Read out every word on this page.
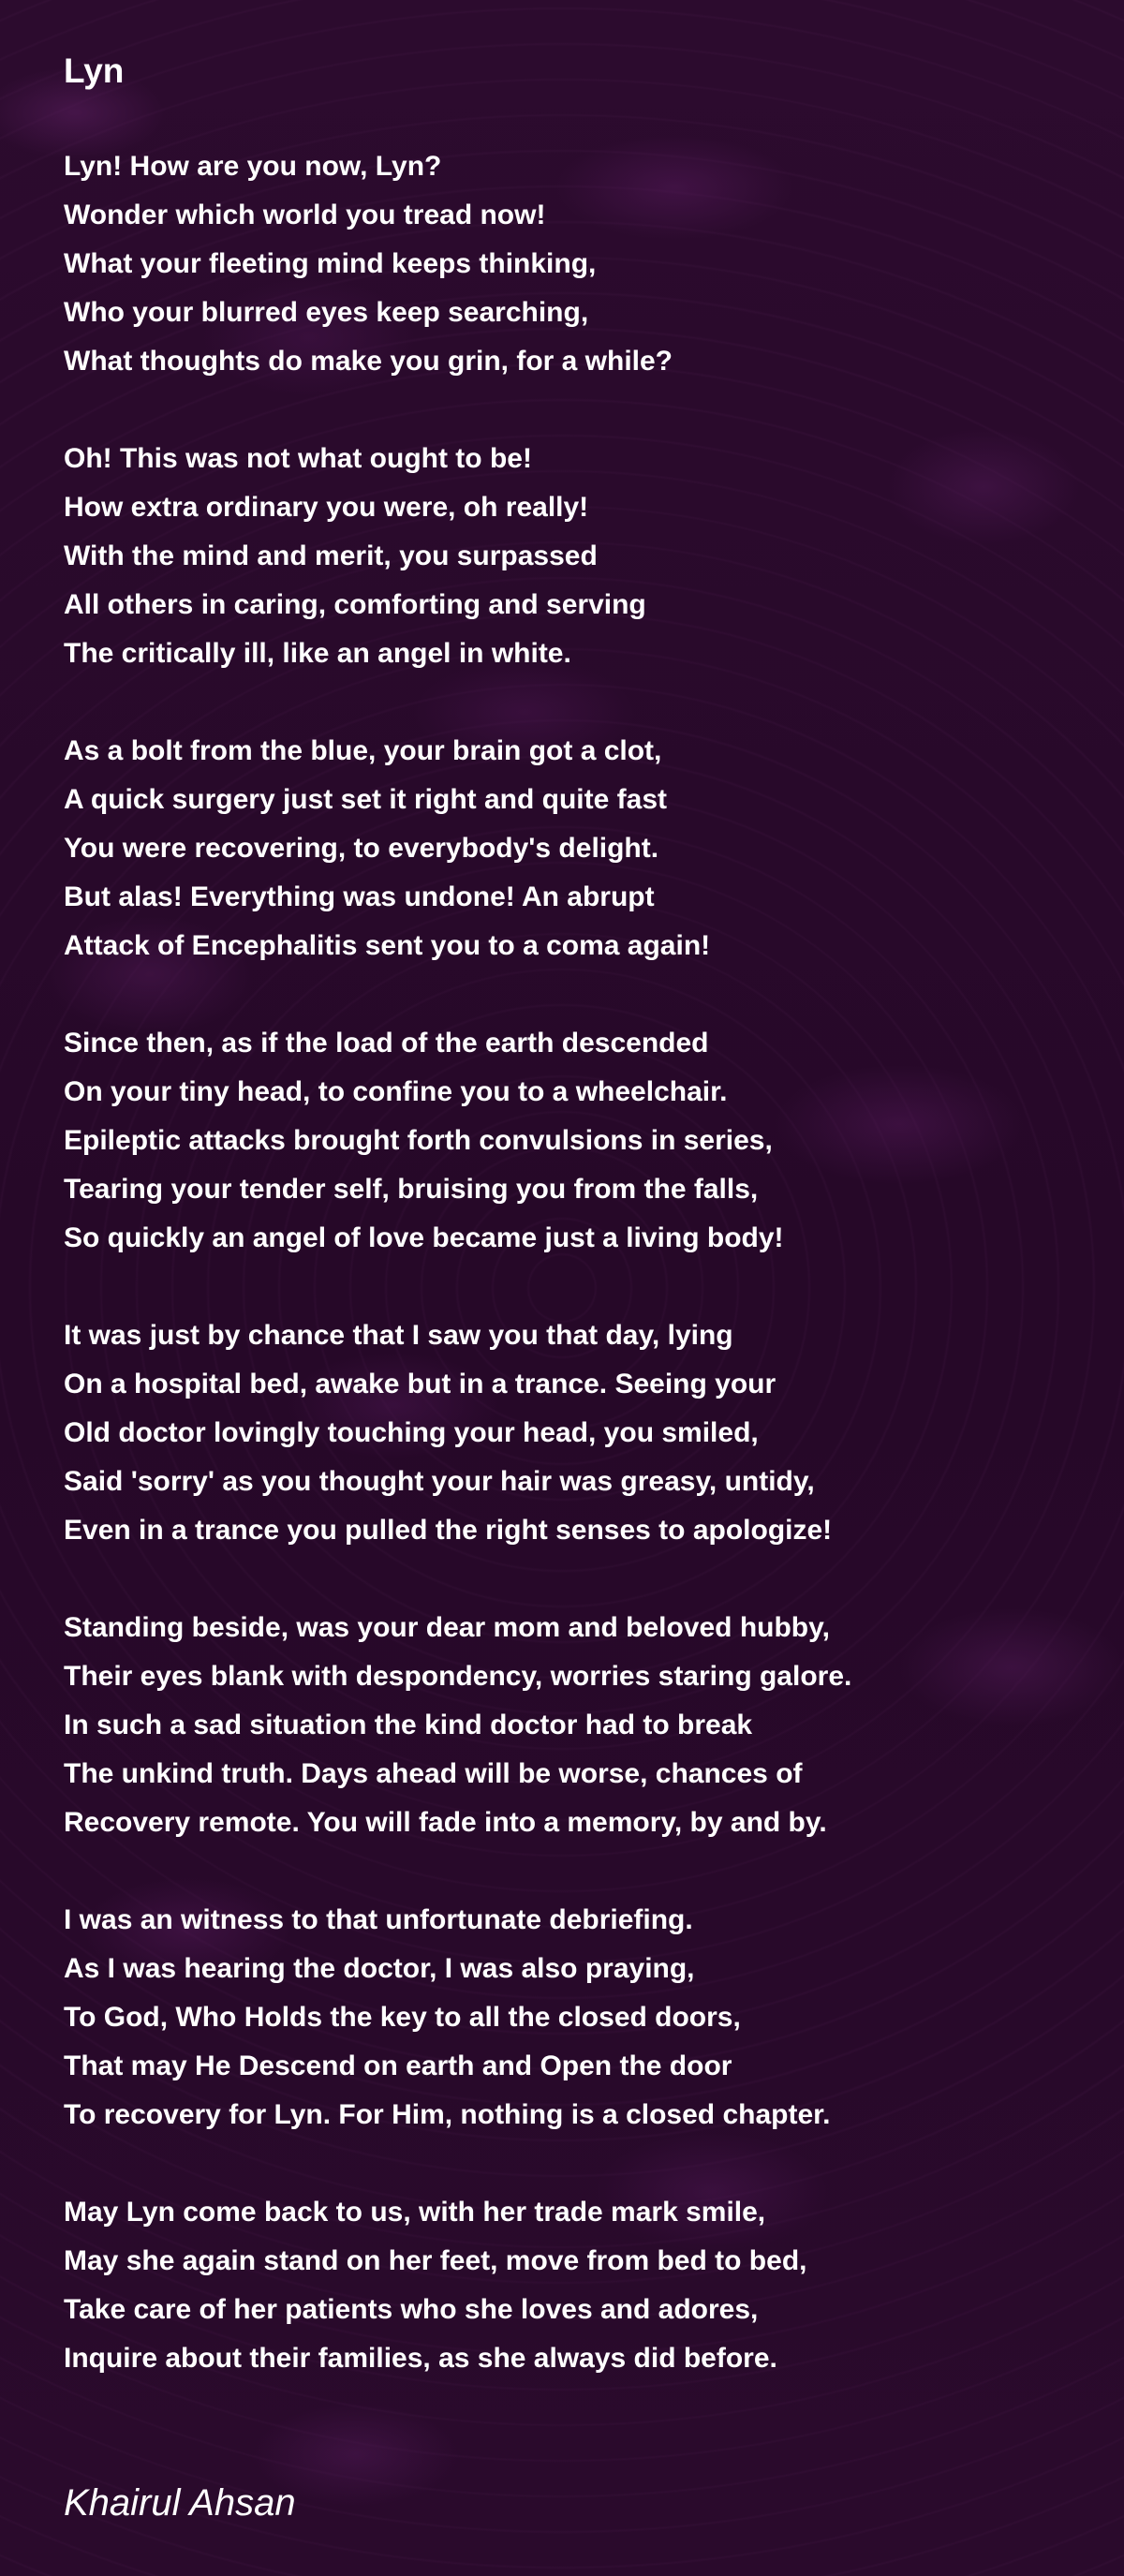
Lyn
Lyn! How are you now, Lyn?
Wonder which world you tread now!
What your fleeting mind keeps thinking,
Who your blurred eyes keep searching,
What thoughts do make you grin, for a while?
Oh! This was not what ought to be!
How extra ordinary you were, oh really!
With the mind and merit, you surpassed
All others in caring, comforting and serving
The critically ill, like an angel in white.
As a bolt from the blue, your brain got a clot,
A quick surgery just set it right and quite fast
You were recovering, to everybody's delight.
But alas! Everything was undone! An abrupt
Attack of Encephalitis sent you to a coma again!
Since then, as if the load of the earth descended
On your tiny head, to confine you to a wheelchair.
Epileptic attacks brought forth convulsions in series,
Tearing your tender self, bruising you from the falls,
So quickly an angel of love became just a living body!
It was just by chance that I saw you that day, lying
On a hospital bed, awake but in a trance. Seeing your
Old doctor lovingly touching your head, you smiled,
Said 'sorry' as you thought your hair was greasy, untidy,
Even in a trance you pulled the right senses to apologize!
Standing beside, was your dear mom and beloved hubby,
Their eyes blank with despondency, worries staring galore.
In such a sad situation the kind doctor had to break
The unkind truth. Days ahead will be worse, chances of
Recovery remote. You will fade into a memory, by and by.
I was an witness to that unfortunate debriefing.
As I was hearing the doctor, I was also praying,
To God, Who Holds the key to all the closed doors,
That may He Descend on earth and Open the door
To recovery for Lyn. For Him, nothing is a closed chapter.
May Lyn come back to us, with her trade mark smile,
May she again stand on her feet, move from bed to bed,
Take care of her patients who she loves and adores,
Inquire about their families, as she always did before.

Khairul Ahsan
